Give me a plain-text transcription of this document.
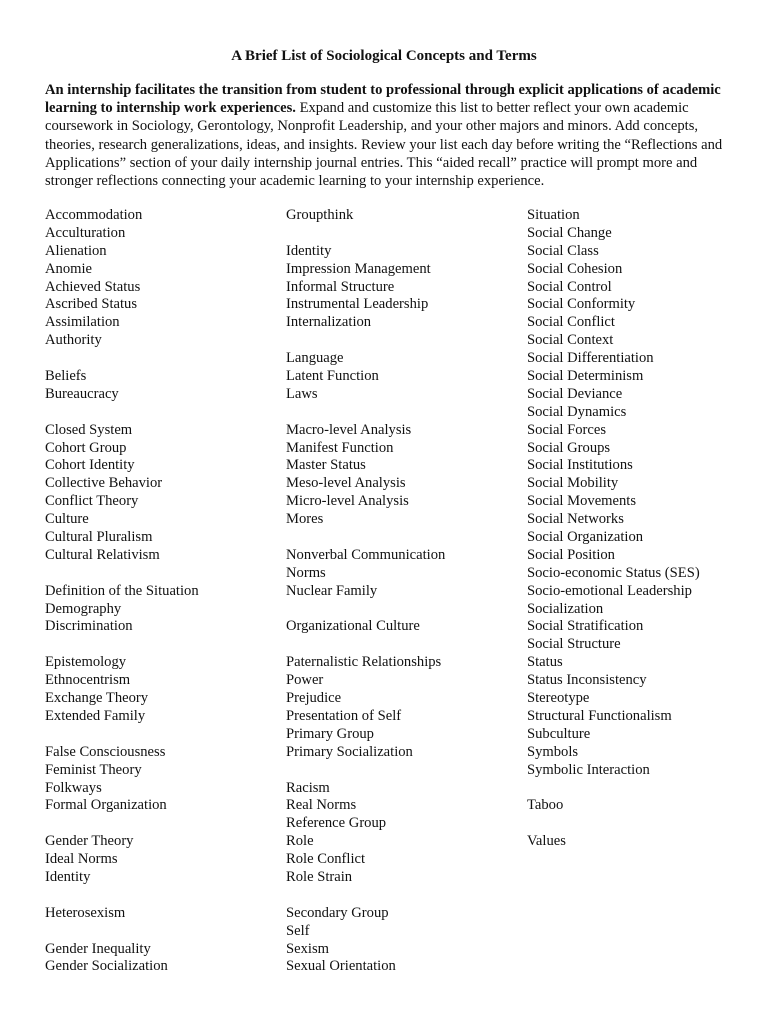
A Brief List of Sociological Concepts and Terms

An internship facilitates the transition from student to professional through explicit applications of academic learning to internship work experiences. Expand and customize this list to better reflect your own academic coursework in Sociology, Gerontology, Nonprofit Leadership, and your other majors and minors. Add concepts, theories, research generalizations, ideas, and insights. Review your list each day before writing the “Reflections and Applications” section of your daily internship journal entries. This “aided recall” practice will prompt more and stronger reflections connecting your academic learning to your internship experience.

Accommodation
Acculturation
Alienation
Anomie
Achieved Status
Ascribed Status
Assimilation
Authority
Beliefs
Bureaucracy
Closed System
Cohort Group
Cohort Identity
Collective Behavior
Conflict Theory
Culture
Cultural Pluralism
Cultural Relativism
Definition of the Situation
Demography
Discrimination
Epistemology
Ethnocentrism
Exchange Theory
Extended Family
False Consciousness
Feminist Theory
Folkways
Formal Organization
Gender Theory
Ideal Norms
Identity
Heterosexism
Gender Inequality
Gender Socialization
Groupthink
Identity
Impression Management
Informal Structure
Instrumental Leadership
Internalization
Language
Latent Function
Laws
Macro-level Analysis
Manifest Function
Master Status
Meso-level Analysis
Micro-level Analysis
Mores
Nonverbal Communication
Norms
Nuclear Family
Organizational Culture
Paternalistic Relationships
Power
Prejudice
Presentation of Self
Primary Group
Primary Socialization
Racism
Real Norms
Reference Group
Role
Role Conflict
Role Strain
Secondary Group
Self
Sexism
Sexual Orientation
Situation
Social Change
Social Class
Social Cohesion
Social Control
Social Conformity
Social Conflict
Social Context
Social Differentiation
Social Determinism
Social Deviance
Social Dynamics
Social Forces
Social Groups
Social Institutions
Social Mobility
Social Movements
Social Networks
Social Organization
Social Position
Socio-economic Status (SES)
Socio-emotional Leadership
Socialization
Social Stratification
Social Structure
Status
Status Inconsistency
Stereotype
Structural Functionalism
Subculture
Symbols
Symbolic Interaction
Taboo
Values
